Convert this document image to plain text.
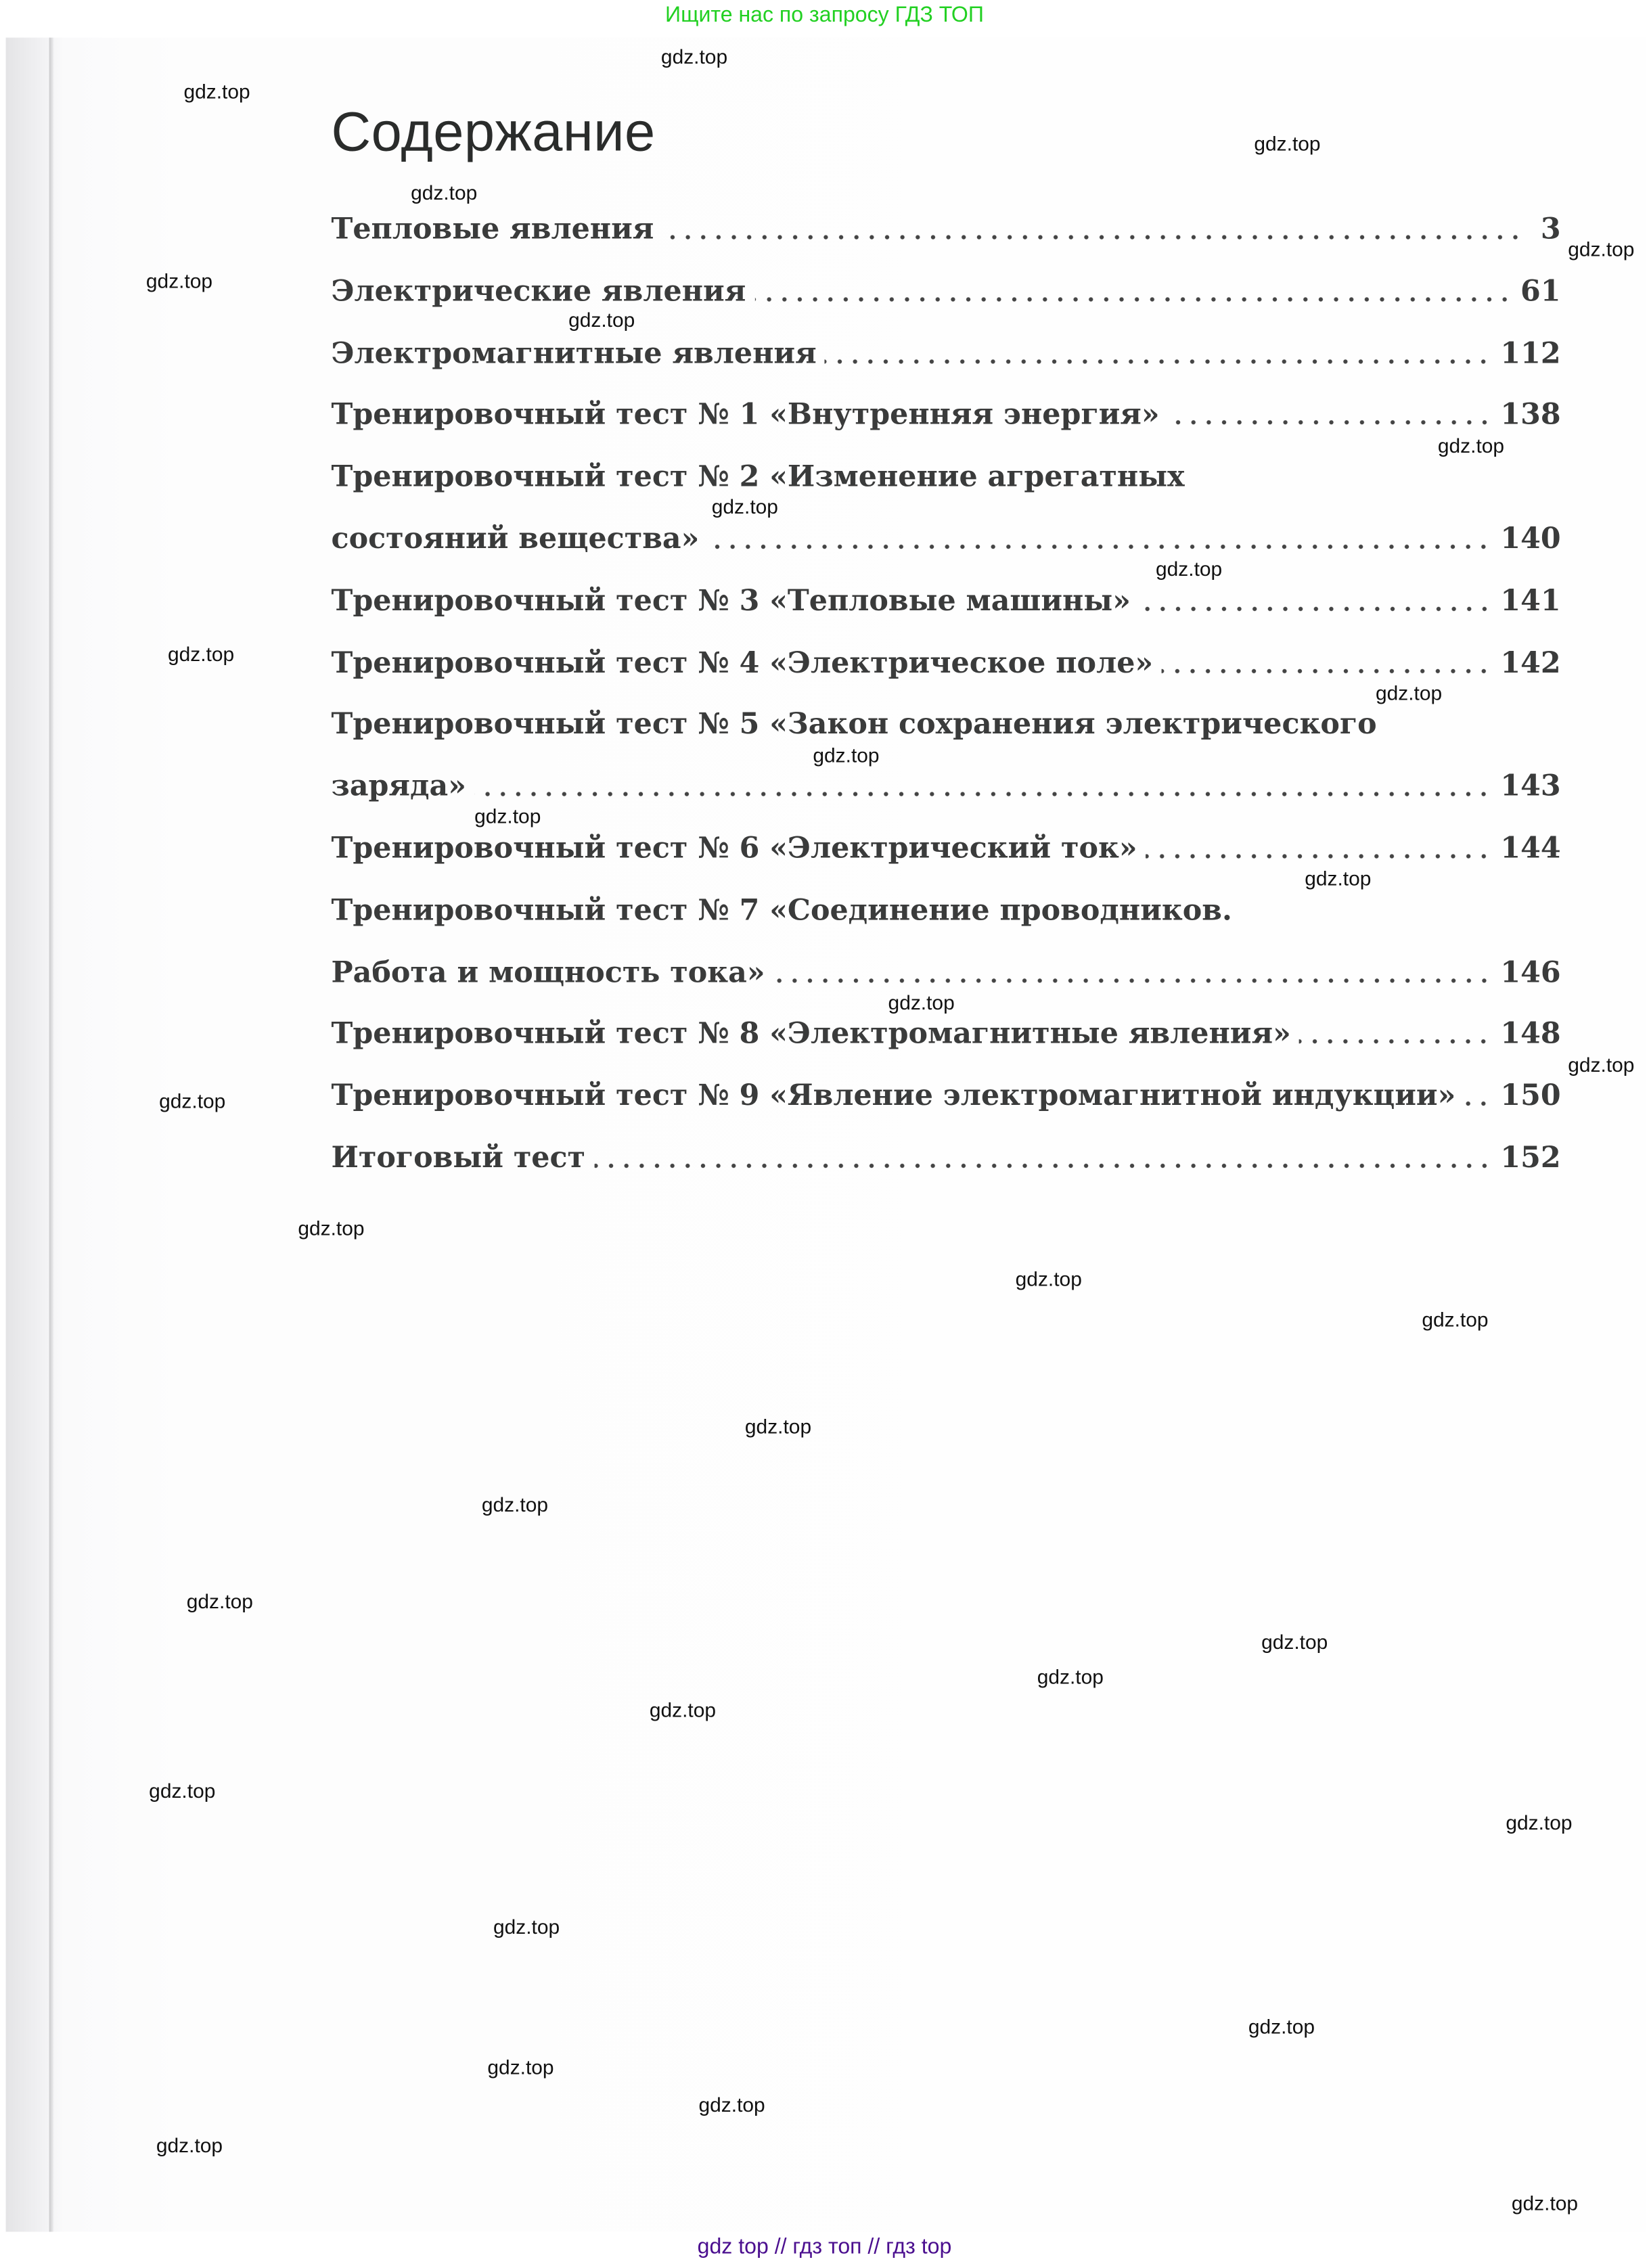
Ищите нас по запросу ГДЗ ТОП
Содержание
Тепловые явления	3
Электрические явления	61
Электромагнитные явления	112
Тренировочный тест № 1 «Внутренняя энергия»	138
Тренировочный тест № 2 «Изменение агрегатных
состояний вещества»	140
Тренировочный тест № 3 «Тепловые машины»	141
Тренировочный тест № 4 «Электрическое поле»	142
Тренировочный тест № 5 «Закон сохранения электрического
заряда»	143
Тренировочный тест № 6 «Электрический ток»	144
Тренировочный тест № 7 «Соединение проводников.
Работа и мощность тока»	146
Тренировочный тест № 8 «Электромагнитные явления»	148
Тренировочный тест № 9 «Явление электромагнитной индукции»	150
Итоговый тест	152
gdz.top
gdz.top
gdz.top
gdz.top
gdz.top
gdz.top
gdz.top
gdz.top
gdz.top
gdz.top
gdz.top
gdz.top
gdz.top
gdz.top
gdz.top
gdz.top
gdz.top
gdz.top
gdz.top
gdz.top
gdz.top
gdz.top
gdz.top
gdz.top
gdz.top
gdz.top
gdz.top
gdz.top
gdz.top
gdz.top
gdz.top
gdz.top
gdz.top
gdz.top
gdz.top
gdz top // гдз топ // гдз top
